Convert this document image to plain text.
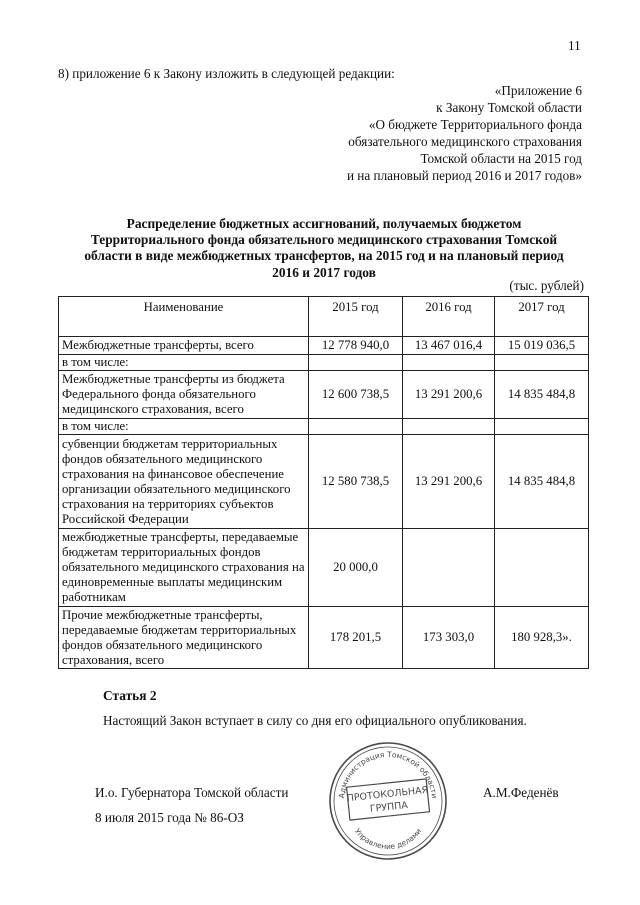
11
8) приложение 6 к Закону изложить в следующей редакции:
«Приложение 6
к Закону Томской области
«О бюджете Территориального фонда
обязательного медицинского страхования
Томской области на 2015 год
и на плановый период 2016 и 2017 годов»
Распределение бюджетных ассигнований, получаемых бюджетом
Территориального фонда обязательного медицинского страхования Томской
области в виде межбюджетных трансфертов, на 2015 год и на плановый период
2016 и 2017 годов
(тыс. рублей)
Наименование	2015 год	2016 год	2017 год
Межбюджетные трансферты, всего	12 778 940,0	13 467 016,4	15 019 036,5
в том числе:			
Межбюджетные трансферты из бюджета Федерального фонда обязательного медицинского страхования, всего	12 600 738,5	13 291 200,6	14 835 484,8
в том числе:			
субвенции бюджетам территориальных фондов обязательного медицинского страхования на финансовое обеспечение организации обязательного медицинского страхования на территориях субъектов Российской Федерации	12 580 738,5	13 291 200,6	14 835 484,8
межбюджетные трансферты, передаваемые бюджетам территориальных фондов обязательного медицинского страхования на единовременные выплаты медицинским работникам	20 000,0		
Прочие межбюджетные трансферты, передаваемые бюджетам территориальных фондов обязательного медицинского страхования, всего	178 201,5	173 303,0	180 928,3».
Статья 2
Настоящий Закон вступает в силу со дня его официального опубликования.
И.о. Губернатора Томской области	А.М.Феденёв
8 июля 2015 года № 86-ОЗ
Администрация Томской области
Управление делами
ПРОТОКОЛЬНАЯ
ГРУППА
